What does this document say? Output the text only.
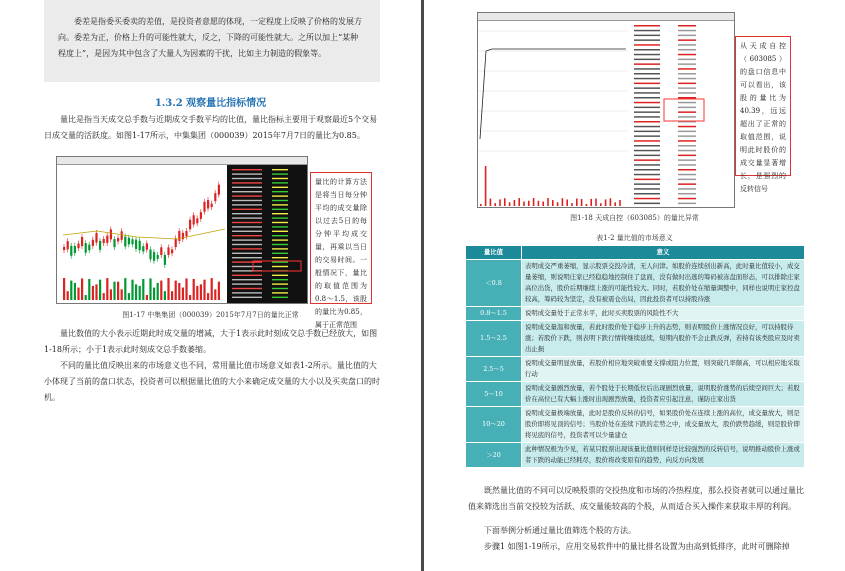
委差是指委买委卖的差值，是投资者意愿的体现，一定程度上反映了价格的发展方向。委差为正，价格上升的可能性就大，反之，下降的可能性就大。之所以加上“某种程度上”，是因为其中包含了大量人为因素的干扰，比如主力制造的假象等。

1.3.2 观察量比指标情况

量比是指当天成交总手数与近期成交手数平均的比值，量比指标主要用于观察最近5个交易日成交量的活跃度。如图1-17所示，中集集团（000039）2015年7月7日的量比为0.85。

量比的计算方法是将当日每分钟平均的成交量除以过去5日的每分钟平均成交量，再乘以当日的交易时间。一般情况下，量比的取值范围为0.8～1.5，该股的量比为0.85，属于正常范围
图1-17 中集集团（000039）2015年7月7日的量比正常

量比数值的大小表示近期此时成交量的增减，大于1表示此时刻成交总手数已经放大，如图1-18所示；小于1表示此时刻成交总手数萎缩。

不同的量比值反映出来的市场意义也不同，常用量比值市场意义如表1-2所示。量比值的大小体现了当前的盘口状态，投资者可以根据量比值的大小来确定成交量的大小以及买卖盘口的时机。

从天成自控（603085）的盘口信息中可以看出，该股的量比为40.39，远远超出了正常的取值范围，说明此时股价的成交量显著增长，是强烈的反转信号
图1-18 天成自控（603085）的量比异常
表1-2 量比值的市场意义
量比值	意义
＜0.8	表明成交严重萎缩，显示股票交投冷清，无人问津。如股价连续创出新高，此时量比值较小，成交量萎缩，则说明庄家已经稳稳地控制住了盘面，没有做时出逃的筹码被冻盘面形态，可以排除庄家高位出货，股价后期继续上涨的可能性较大。同时，若股价处在缩量调整中，同样也说明庄家控盘较高，筹码较为坚定，没有被震仓出局，因此投资者可以持股待涨
0.8～1.5	说明成交量处于正常水平，此时买卖股票的风险性不大
1.5～2.5	说明成交量温和放量，若此时股价处于稳步上升的态势，则表明股价上涨情况良好，可以持股待涨；若股价下跌，则表明下跌行情将继续延续，短期内股价不会止跌反弹，若持有该类股应及时卖出止损
2.5～5	说明成交量明显放量，若股价相应地突破重要支撑或阻力位置，则突破几率颇高，可以相应地采取行动
5～10	说明成交量剧烈放量，若个股处于长期低位后出现剧烈放量，说明股价涨势的后续空间巨大；若股价在高位已有大幅上涨时出现剧烈放量，投资者应引起注意，谨防庄家出货
10～20	说明成交量极端放量，此时是股价反转的信号，如果股价处在连续上涨的高位，成交量放大，则是股价即将见顶的信号；当股价处在连续下跌的走势之中，成交量放大，股价跌势趋缓，则是股价即将见底的信号，投资者可以少量建仓
＞20	此种情况极为少见，若某只股票出现该量比值则同样是比较强烈的反转信号，说明推动股价上涨或者下跌的动能已经耗尽，股价将改变原有的趋势，向反方向发展

既然量比值的不同可以反映股票的交投热度和市场的冷热程度，那么投资者就可以通过量比值来筛选出当前交投较为活跃、成交量能较高的个股，从而适合买入操作来获取丰厚的利润。

下面举例分析通过量比值筛选个股的方法。

步骤1 如图1-19所示，应用交易软件中的量比排名设置为由高到低排序，此时可删除掉
